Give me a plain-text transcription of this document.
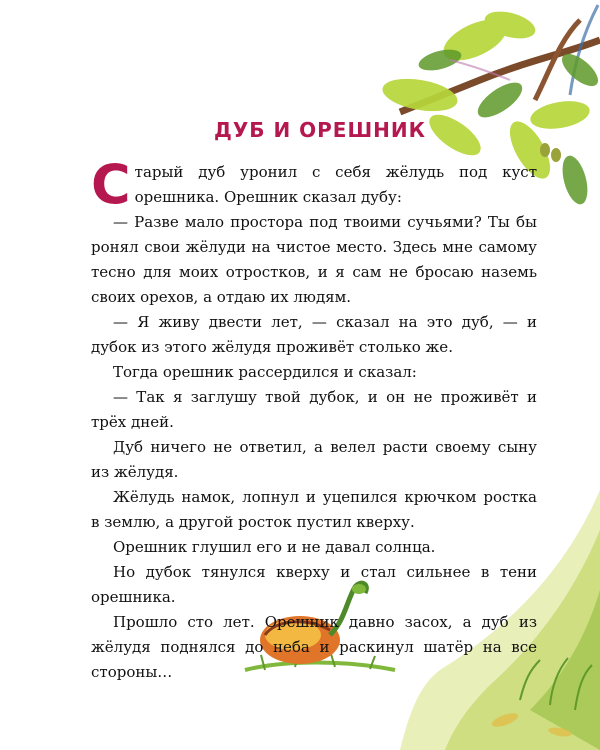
ДУБ И ОРЕШНИК

Старый дуб уронил с себя жёлудь под куст орешника. Орешник сказал дубу:

— Разве мало простора под твоими сучьями? Ты бы ронял свои жёлуди на чистое место. Здесь мне самому тесно для моих отростков, и я сам не бросаю наземь своих орехов, а отдаю их людям.

— Я живу двести лет, — сказал на это дуб, — и дубок из этого жёлудя проживёт столько же.

Тогда орешник рассердился и сказал:

— Так я заглушу твой дубок, и он не проживёт и трёх дней.

Дуб ничего не ответил, а велел расти своему сыну из жёлудя.

Жёлудь намок, лопнул и уцепился крючком ростка в землю, а другой росток пустил кверху.

Орешник глушил его и не давал солнца.

Но дубок тянулся кверху и стал сильнее в тени орешника.

Прошло сто лет. Орешник давно засох, а дуб из жёлудя поднялся до неба и раскинул шатёр на все стороны…
